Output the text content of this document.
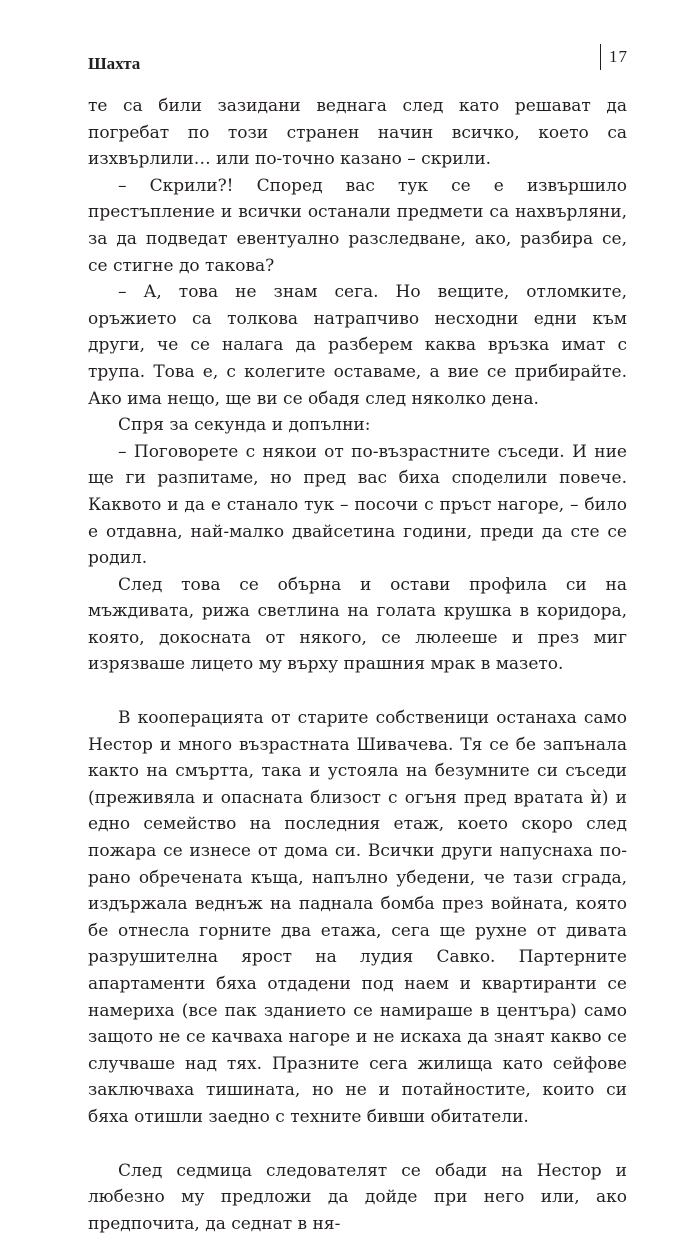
Шахта	17

те са били зазидани веднага след като решават да погребат по този странен начин всичко, което са изхвърлили… или по-точно казано – скрили.

– Скрили?! Според вас тук се е извършило престъпление и всички останали предмети са нахвърляни, за да подведат евентуално разследване, ако, разбира се, се стигне до такова?

– А, това не знам сега. Но вещите, отломките, оръжието са толкова натрапчиво несходни едни към други, че се налага да разберем каква връзка имат с трупа. Това е, с колегите оставаме, а вие се прибирайте. Ако има нещо, ще ви се обадя след няколко дена.

Спря за секунда и допълни:

– Поговорете с някои от по-възрастните съседи. И ние ще ги разпитаме, но пред вас биха споделили повече. Каквото и да е станало тук – посочи с пръст нагоре, – било е отдавна, най-малко двайсетина години, преди да сте се родил.

След това се обърна и остави профила си на мъждивата, рижа светлина на голата крушка в коридора, която, докосната от някого, се люлееше и през миг изрязваше лицето му върху прашния мрак в мазето.

В кооперацията от старите собственици останаха само Нестор и много възрастната Шивачева. Тя се бе запънала както на смъртта, така и устояла на безумните си съседи (преживяла и опасната близост с огъня пред вратата ѝ) и едно семейство на последния етаж, което скоро след пожара се изнесе от дома си. Всички други напуснаха по-рано обречената къща, напълно убедени, че тази сграда, издържала веднъж на паднала бомба през войната, която бе отнесла горните два етажа, сега ще рухне от дивата разрушителна ярост на лудия Савко. Партерните апартаменти бяха отдадени под наем и квартиранти се намериха (все пак зданието се намираше в центъра) само защото не се качваха нагоре и не искаха да знаят какво се случваше над тях. Празните сега жилища като сейфове заключваха тишината, но не и потайностите, които си бяха отишли заедно с техните бивши обитатели.

След седмица следователят се обади на Нестор и любезно му предложи да дойде при него или, ако предпочита, да седнат в ня-
